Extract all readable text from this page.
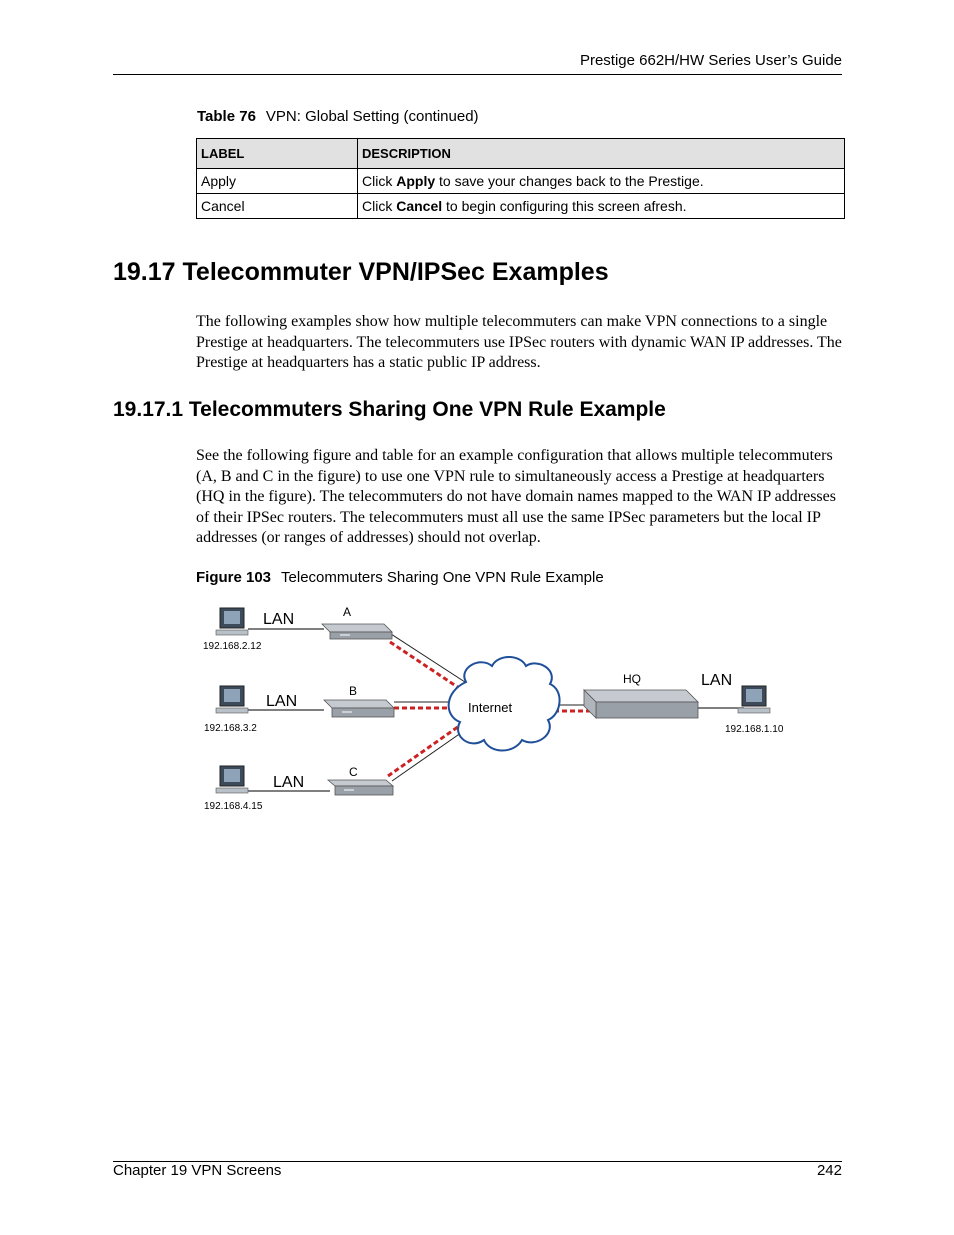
Prestige 662H/HW Series User’s Guide
Table 76 VPN: Global Setting (continued)
LABEL	DESCRIPTION
Apply	Click Apply to save your changes back to the Prestige.
Cancel	Click Cancel to begin configuring this screen afresh.
19.17 Telecommuter VPN/IPSec Examples

The following examples show how multiple telecommuters can make VPN connections to a single Prestige at headquarters. The telecommuters use IPSec routers with dynamic WAN IP addresses. The Prestige at headquarters has a static public IP address.

19.17.1 Telecommuters Sharing One VPN Rule Example

See the following figure and table for an example configuration that allows multiple telecommuters (A, B and C in the figure) to use one VPN rule to simultaneously access a Prestige at headquarters (HQ in the figure). The telecommuters do not have domain names mapped to the WAN IP addresses of their IPSec routers. The telecommuters must all use the same IPSec parameters but the local IP addresses (or ranges of addresses) should not overlap.

Figure 103 Telecommuters Sharing One VPN Rule Example
Internet
LAN
LAN
LAN
LAN
A
B
C
HQ
192.168.2.12
192.168.3.2
192.168.4.15
192.168.1.10
Chapter 19 VPN Screens	242
